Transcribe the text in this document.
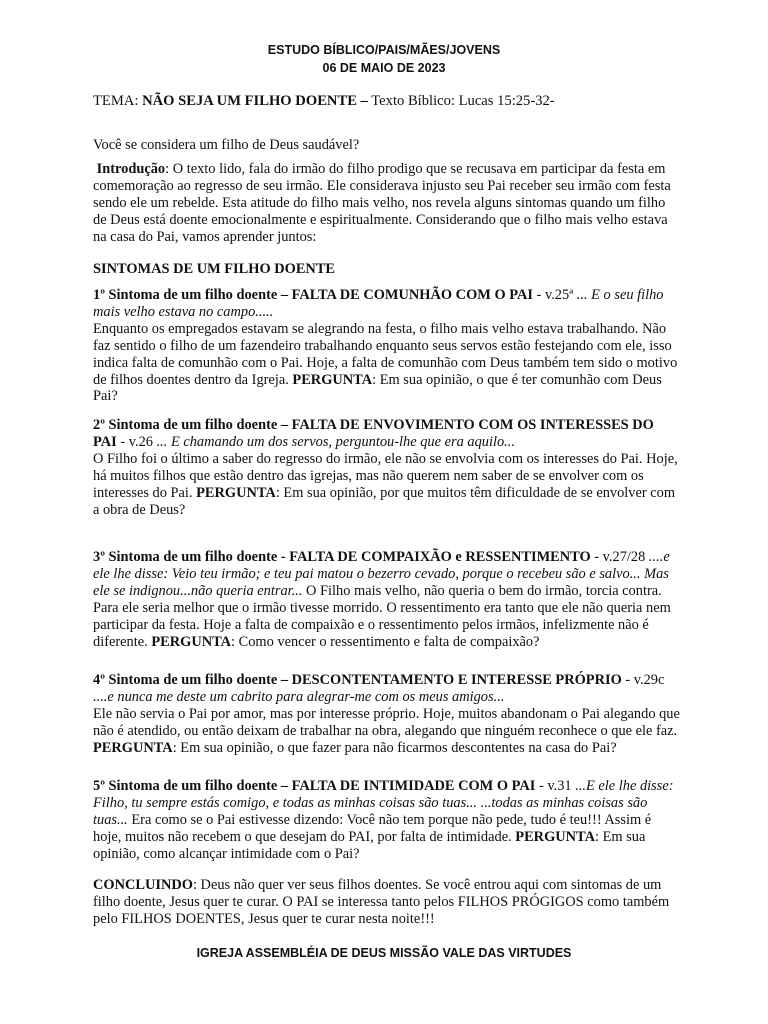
ESTUDO BÍBLICO/PAIS/MÃES/JOVENS
06 DE MAIO DE 2023
TEMA: NÃO SEJA UM FILHO DOENTE – Texto Bíblico: Lucas 15:25-32-

Você se considera um filho de Deus saudável?

Introdução: O texto lido, fala do irmão do filho prodigo que se recusava em participar da festa em comemoração ao regresso de seu irmão. Ele considerava injusto seu Pai receber seu irmão com festa sendo ele um rebelde. Esta atitude do filho mais velho, nos revela alguns sintomas quando um filho de Deus está doente emocionalmente e espiritualmente. Considerando que o filho mais velho estava na casa do Pai, vamos aprender juntos:

SINTOMAS DE UM FILHO DOENTE

1º Sintoma de um filho doente – FALTA DE COMUNHÃO COM O PAI - v.25ª ... E o seu filho mais velho estava no campo.....
Enquanto os empregados estavam se alegrando na festa, o filho mais velho estava trabalhando. Não faz sentido o filho de um fazendeiro trabalhando enquanto seus servos estão festejando com ele, isso indica falta de comunhão com o Pai. Hoje, a falta de comunhão com Deus também tem sido o motivo de filhos doentes dentro da Igreja. PERGUNTA: Em sua opinião, o que é ter comunhão com Deus Pai?

2º Sintoma de um filho doente – FALTA DE ENVOVIMENTO COM OS INTERESSES DO PAI - v.26 ... E chamando um dos servos, perguntou-lhe que era aquilo...
O Filho foi o último a saber do regresso do irmão, ele não se envolvia com os interesses do Pai. Hoje, há muitos filhos que estão dentro das igrejas, mas não querem nem saber de se envolver com os interesses do Pai. PERGUNTA: Em sua opinião, por que muitos têm dificuldade de se envolver com a obra de Deus?

3º Sintoma de um filho doente - FALTA DE COMPAIXÃO e RESSENTIMENTO - v.27/28 ....e ele lhe disse: Veio teu irmão; e teu pai matou o bezerro cevado, porque o recebeu são e salvo... Mas ele se indignou...não queria entrar... O Filho mais velho, não queria o bem do irmão, torcia contra. Para ele seria melhor que o irmão tivesse morrido. O ressentimento era tanto que ele não queria nem participar da festa. Hoje a falta de compaixão e o ressentimento pelos irmãos, infelizmente não é diferente. PERGUNTA: Como vencer o ressentimento e falta de compaixão?

4º Sintoma de um filho doente – DESCONTENTAMENTO E INTERESSE PRÓPRIO - v.29c ....e nunca me deste um cabrito para alegrar-me com os meus amigos...
Ele não servia o Pai por amor, mas por interesse próprio. Hoje, muitos abandonam o Pai alegando que não é atendido, ou então deixam de trabalhar na obra, alegando que ninguém reconhece o que ele faz. PERGUNTA: Em sua opinião, o que fazer para não ficarmos descontentes na casa do Pai?

5º Sintoma de um filho doente – FALTA DE INTIMIDADE COM O PAI - v.31 ...E ele lhe disse: Filho, tu sempre estás comigo, e todas as minhas coisas são tuas... ...todas as minhas coisas são tuas... Era como se o Pai estivesse dizendo: Você não tem porque não pede, tudo é teu!!! Assim é hoje, muitos não recebem o que desejam do PAI, por falta de intimidade. PERGUNTA: Em sua opinião, como alcançar intimidade com o Pai?

CONCLUINDO: Deus não quer ver seus filhos doentes. Se você entrou aqui com sintomas de um filho doente, Jesus quer te curar. O PAI se interessa tanto pelos FILHOS PRÓGIGOS como também pelo FILHOS DOENTES, Jesus quer te curar nesta noite!!!

IGREJA ASSEMBLÉIA DE DEUS MISSÃO VALE DAS VIRTUDES
